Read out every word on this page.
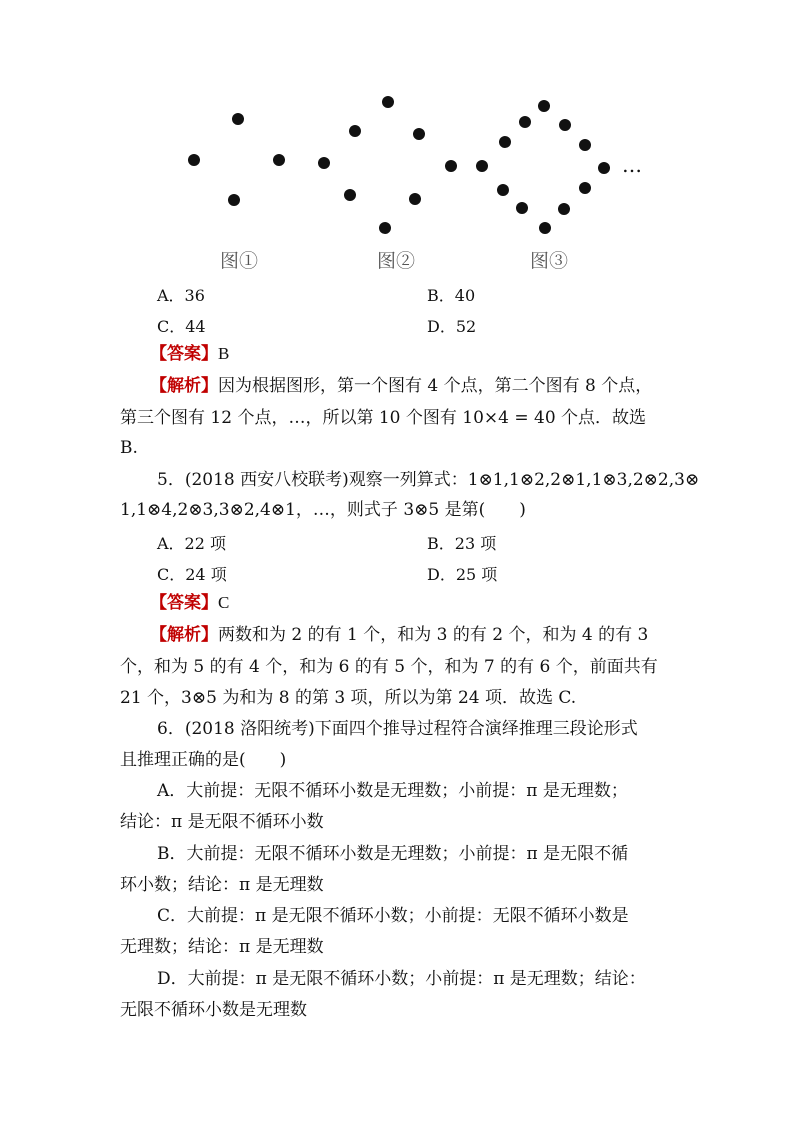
…
图①	图②	图③
A．36	B．40
C．44	D．52
【答案】B
【解析】因为根据图形，第一个图有 4 个点，第二个图有 8 个点，
第三个图有 12 个点，…，所以第 10 个图有 10×4 = 40 个点．故选
B.
5．(2018 西安八校联考)观察一列算式：1⊗1,1⊗2,2⊗1,1⊗3,2⊗2,3⊗
1,1⊗4,2⊗3,3⊗2,4⊗1，…，则式子 3⊗5 是第(　　)
A．22 项	B．23 项
C．24 项	D．25 项
【答案】C
【解析】两数和为 2 的有 1 个，和为 3 的有 2 个，和为 4 的有 3
个，和为 5 的有 4 个，和为 6 的有 5 个，和为 7 的有 6 个，前面共有
21 个，3⊗5 为和为 8 的第 3 项，所以为第 24 项．故选 C.
6．(2018 洛阳统考)下面四个推导过程符合演绎推理三段论形式
且推理正确的是(　　)
A．大前提：无限不循环小数是无理数；小前提：π 是无理数；
结论：π 是无限不循环小数
B．大前提：无限不循环小数是无理数；小前提：π 是无限不循
环小数；结论：π 是无理数
C．大前提：π 是无限不循环小数；小前提：无限不循环小数是
无理数；结论：π 是无理数
D．大前提：π 是无限不循环小数；小前提：π 是无理数；结论：
无限不循环小数是无理数
